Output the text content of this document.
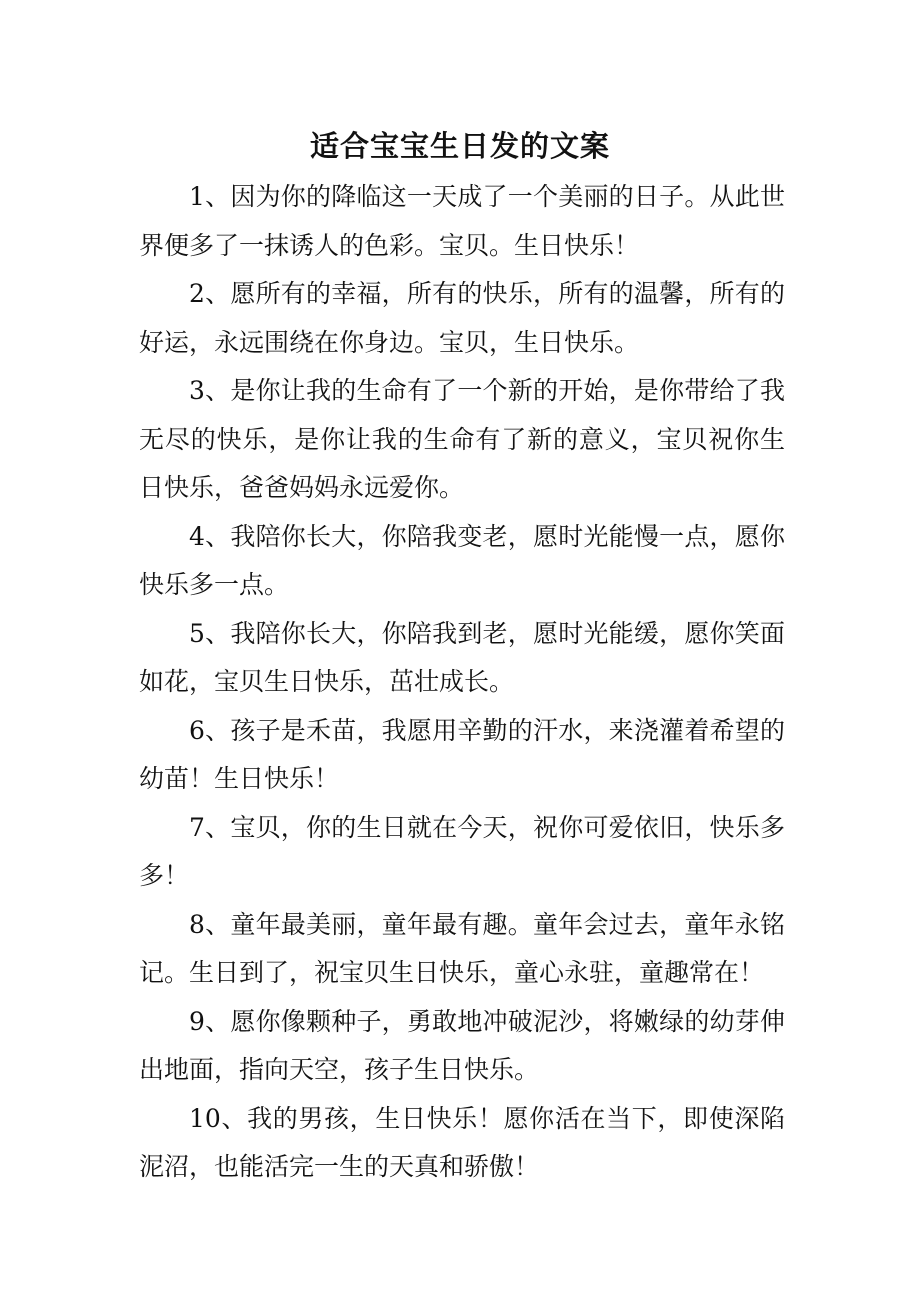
适合宝宝生日发的文案

1、因为你的降临这一天成了一个美丽的日子。从此世界便多了一抹诱人的色彩。宝贝。生日快乐！

2、愿所有的幸福，所有的快乐，所有的温馨，所有的好运，永远围绕在你身边。宝贝，生日快乐。

3、是你让我的生命有了一个新的开始，是你带给了我无尽的快乐，是你让我的生命有了新的意义，宝贝祝你生日快乐，爸爸妈妈永远爱你。

4、我陪你长大，你陪我变老，愿时光能慢一点，愿你快乐多一点。

5、我陪你长大，你陪我到老，愿时光能缓，愿你笑面如花，宝贝生日快乐，茁壮成长。

6、孩子是禾苗，我愿用辛勤的汗水，来浇灌着希望的幼苗！生日快乐！

7、宝贝，你的生日就在今天，祝你可爱依旧，快乐多多！

8、童年最美丽，童年最有趣。童年会过去，童年永铭记。生日到了，祝宝贝生日快乐，童心永驻，童趣常在！

9、愿你像颗种子，勇敢地冲破泥沙，将嫩绿的幼芽伸出地面，指向天空，孩子生日快乐。

10、我的男孩，生日快乐！愿你活在当下，即使深陷泥沼，也能活完一生的天真和骄傲！
